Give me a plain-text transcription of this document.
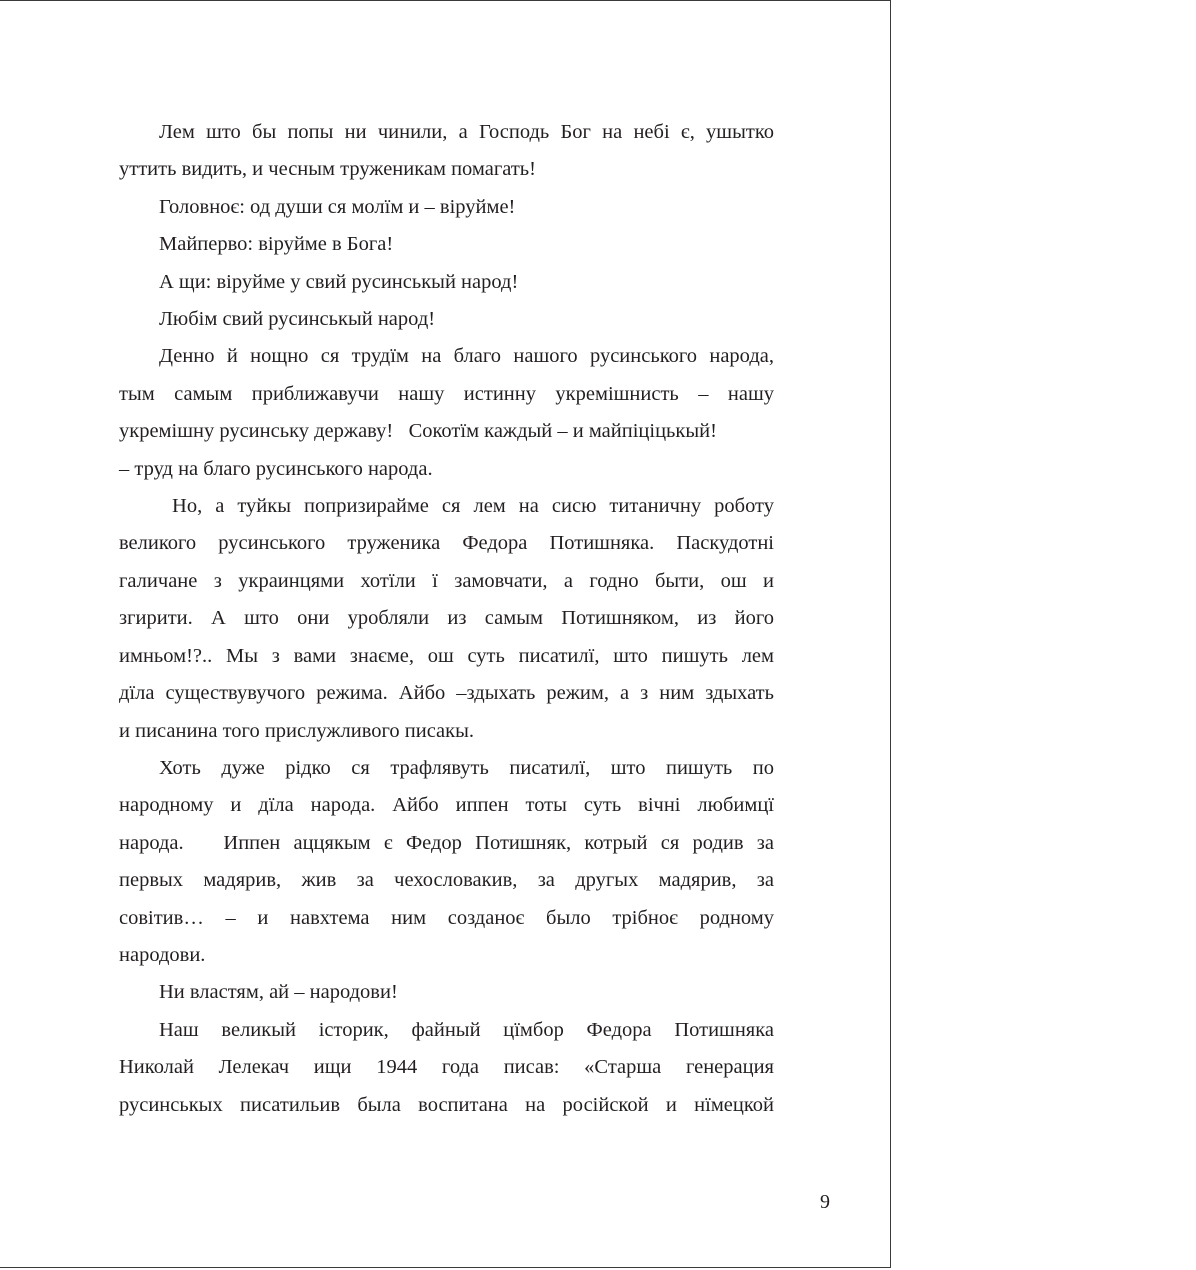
Лем што бы попы ни чинили, а Господь Бог на небі є, ушытко
уттить видить, и чесным труженикам помагать!
Головноє: од души ся молїм и – віруйме!
Майперво: віруйме в Бога!
А щи: віруйме у свий русинськый народ!
Любім свий русинськый народ!
Денно й нощно ся трудїм на благо нашого русинського народа,
тым самым приближавучи нашу истинну укремішнисть – нашу
укремішну русинську державу!   Сокотїм каждый – и майпіціцькый!
– труд на благо русинського народа.
Но, а туйкы попризирайме ся лем на сисю титаничну роботу
великого русинського труженика Федора Потишняка. Паскудотні
галичане з украинцями хотїли ї замовчати, а годно быти, ош и
згирити. А што они уробляли из самым Потишняком, из його
имньом!?.. Мы з вами знаєме, ош суть писатилї, што пишуть лем
дїла существувучого режима. Айбо –здыхать режим, а з ним здыхать
и писанина того прислужливого писакы.
Хоть дуже рідко ся трафлявуть писатилї, што пишуть по
народному и дїла народа. Айбо иппен тоты суть вічні любимцї
народа.   Иппен аццякым є Федор Потишняк, котрый ся родив за
первых мадярив, жив за чехословакив, за другых мадярив, за
совітив… – и навхтема ним созданоє было трібноє родному
народови.
Ни властям, ай – народови!
Наш великый історик, файный цїмбор Федора Потишняка
Николай Лелекач ищи 1944 года писав: «Старша генерация
русинськых писатильив была воспитана на російской и нїмецкой
9
